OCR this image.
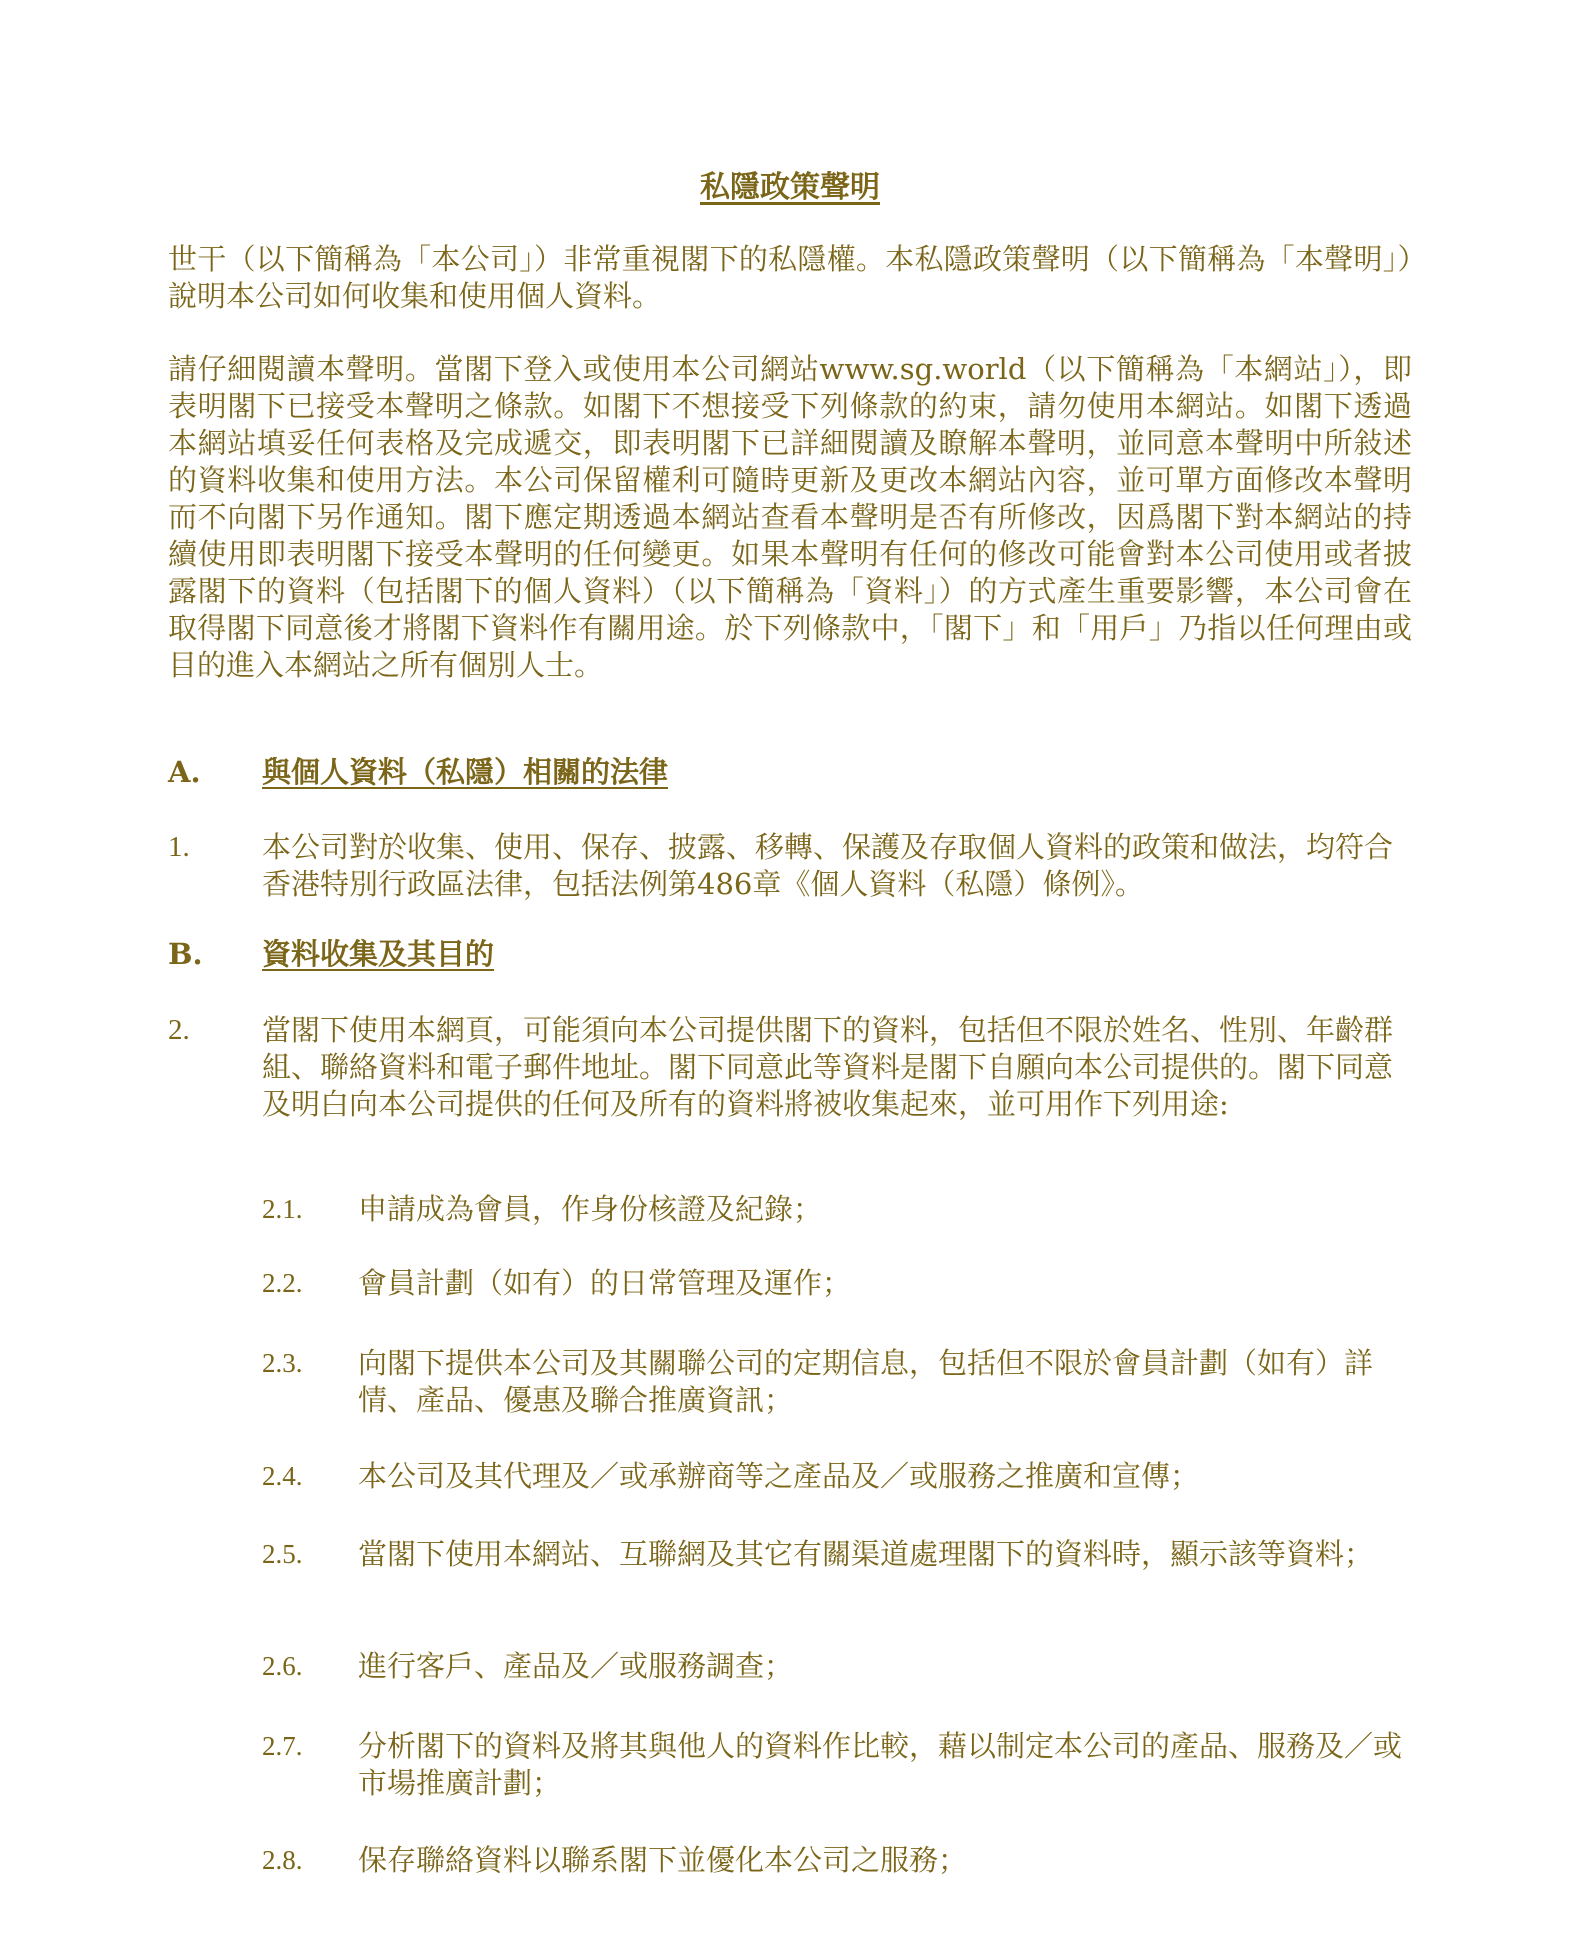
私隱政策聲明

世干（以下簡稱為「本公司」）非常重視閣下的私隱權。本私隱政策聲明（以下簡稱為「本聲明」）說明本公司如何收集和使用個人資料。

請仔細閱讀本聲明。當閣下登入或使用本公司網站www.sg.world（以下簡稱為「本網站」），即表明閣下已接受本聲明之條款。如閣下不想接受下列條款的約束，請勿使用本網站。如閣下透過本網站填妥任何表格及完成遞交，即表明閣下已詳細閱讀及瞭解本聲明，並同意本聲明中所敍述的資料收集和使用方法。本公司保留權利可隨時更新及更改本網站內容，並可單方面修改本聲明而不向閣下另作通知。閣下應定期透過本網站查看本聲明是否有所修改，因爲閣下對本網站的持續使用即表明閣下接受本聲明的任何變更。如果本聲明有任何的修改可能會對本公司使用或者披露閣下的資料（包括閣下的個人資料）（以下簡稱為「資料」）的方式產生重要影響，本公司會在取得閣下同意後才將閣下資料作有關用途。於下列條款中，「閣下」和「用戶」乃指以任何理由或目的進入本網站之所有個別人士。

A. 與個人資料（私隱）相關的法律
1. 本公司對於收集、使用、保存、披露、移轉、保護及存取個人資料的政策和做法，均符合香港特別行政區法律，包括法例第486章《個人資料（私隱）條例》。
B. 資料收集及其目的
2. 當閣下使用本網頁，可能須向本公司提供閣下的資料，包括但不限於姓名、性別、年齡群組、聯絡資料和電子郵件地址。閣下同意此等資料是閣下自願向本公司提供的。閣下同意及明白向本公司提供的任何及所有的資料將被收集起來，並可用作下列用途:
2.1. 申請成為會員，作身份核證及紀錄；
2.2. 會員計劃（如有）的日常管理及運作；
2.3. 向閣下提供本公司及其關聯公司的定期信息，包括但不限於會員計劃（如有）詳情、產品、優惠及聯合推廣資訊；
2.4. 本公司及其代理及／或承辦商等之產品及／或服務之推廣和宣傳；
2.5. 當閣下使用本網站、互聯網及其它有關渠道處理閣下的資料時，顯示該等資料；
2.6. 進行客戶、產品及／或服務調查；
2.7. 分析閣下的資料及將其與他人的資料作比較，藉以制定本公司的產品、服務及／或市場推廣計劃；
2.8. 保存聯絡資料以聯系閣下並優化本公司之服務；
